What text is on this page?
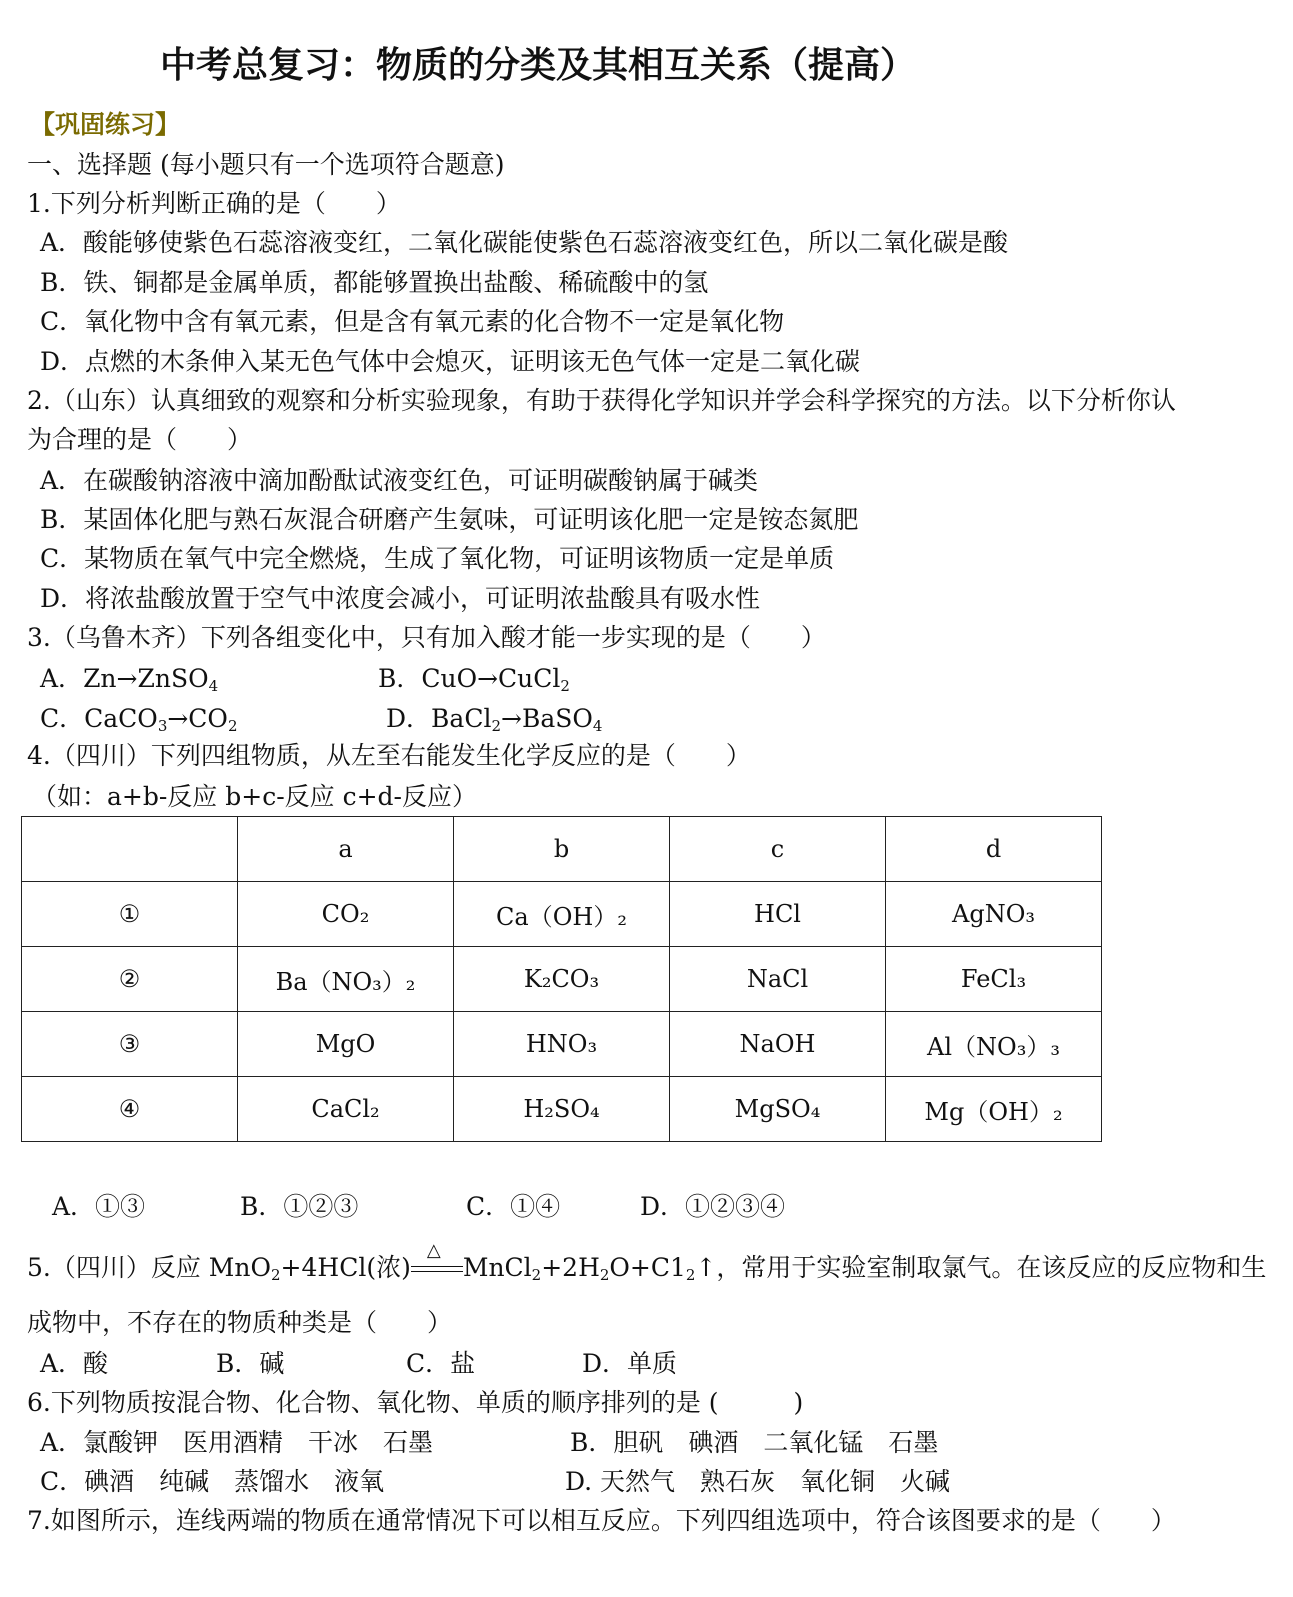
中考总复习：物质的分类及其相互关系（提高）
【巩固练习】
一、选择题 (每小题只有一个选项符合题意)
1.下列分析判断正确的是（　　）
A．酸能够使紫色石蕊溶液变红，二氧化碳能使紫色石蕊溶液变红色，所以二氧化碳是酸
B．铁、铜都是金属单质，都能够置换出盐酸、稀硫酸中的氢
C．氧化物中含有氧元素，但是含有氧元素的化合物不一定是氧化物
D．点燃的木条伸入某无色气体中会熄灭，证明该无色气体一定是二氧化碳
2.（山东）认真细致的观察和分析实验现象，有助于获得化学知识并学会科学探究的方法。以下分析你认
为合理的是（　　）
A．在碳酸钠溶液中滴加酚酞试液变红色，可证明碳酸钠属于碱类
B．某固体化肥与熟石灰混合研磨产生氨味，可证明该化肥一定是铵态氮肥
C．某物质在氧气中完全燃烧，生成了氧化物，可证明该物质一定是单质
D．将浓盐酸放置于空气中浓度会减小，可证明浓盐酸具有吸水性
3.（乌鲁木齐）下列各组变化中，只有加入酸才能一步实现的是（　　）
A．Zn→ZnSO$_4$	B．CuO→CuCl$_2$
C．$CaCO_3\to CO_2$	D．BaCl$_2$→BaSO$_4$
4.（四川）下列四组物质，从左至右能发生化学反应的是（　　）
（如：a+b-反应 b+c-反应 c+d-反应）
	a	b	c	d
①	CO₂	Ca（OH）₂	HCl	AgNO₃
②	Ba（NO₃）₂	K₂CO₃	NaCl	FeCl₃
③	MgO	HNO₃	NaOH	Al（NO₃）₃
④	CaCl₂	H₂SO₄	MgSO₄	Mg（OH）₂
A．①③	B．①②③	C．①④	D．①②③④
5.（四川）反应 MnO$_2$+4HCl(浓)
△
$MnCl_2+2H_2O+C1_2↑$，常用于实验室制取氯气。在该反应的反应物和生
成物中，不存在的物质种类是（　　）
A．酸	B．碱	C．盐	D．单质
6.下列物质按混合物、化合物、氧化物、单质的顺序排列的是 (　　　)
A．氯酸钾　医用酒精　干冰　石墨	B．胆矾　碘酒　二氧化锰　石墨
C．碘酒　纯碱　蒸馏水　液氧	D. 天然气　熟石灰　氧化铜　火碱
7.如图所示，连线两端的物质在通常情况下可以相互反应。下列四组选项中，符合该图要求的是（　　）
